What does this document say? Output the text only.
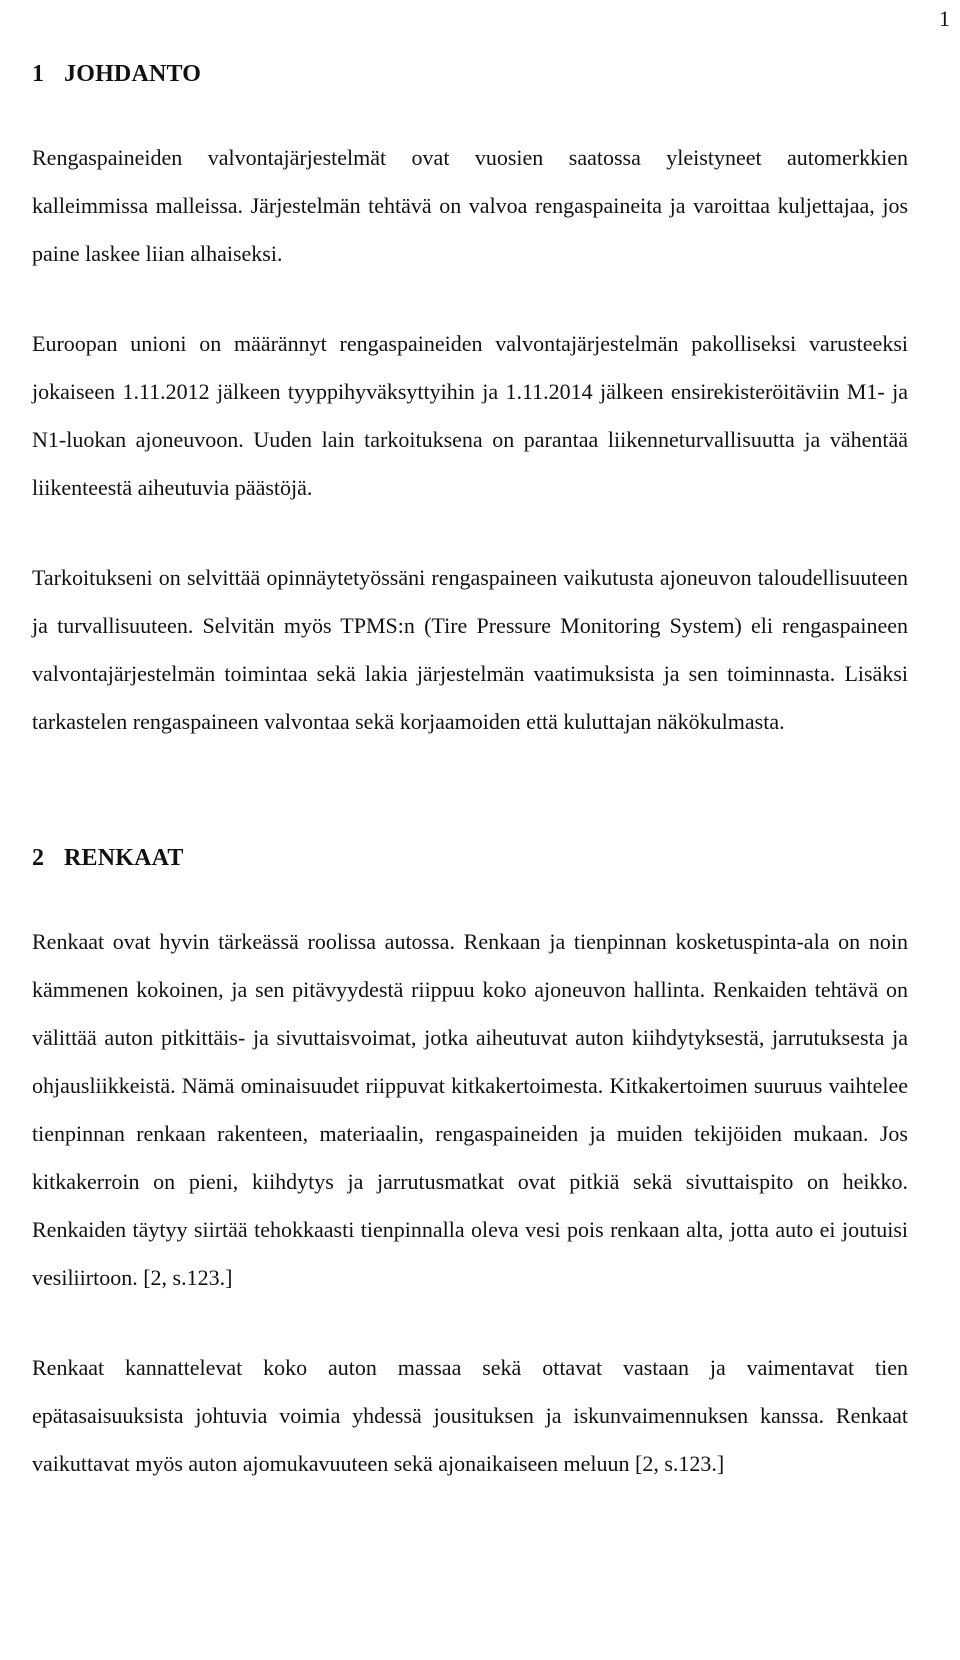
1
1 JOHDANTO

Rengaspaineiden valvontajärjestelmät ovat vuosien saatossa yleistyneet automerkkien kalleimmissa malleissa. Järjestelmän tehtävä on valvoa rengaspaineita ja varoittaa kuljettajaa, jos paine laskee liian alhaiseksi.

Euroopan unioni on määrännyt rengaspaineiden valvontajärjestelmän pakolliseksi varusteeksi jokaiseen 1.11.2012 jälkeen tyyppihyväksyttyihin ja 1.11.2014 jälkeen ensirekisteröitäviin M1- ja N1-luokan ajoneuvoon. Uuden lain tarkoituksena on parantaa liikenneturvallisuutta ja vähentää liikenteestä aiheutuvia päästöjä.

Tarkoitukseni on selvittää opinnäytetyössäni rengaspaineen vaikutusta ajoneuvon taloudellisuuteen ja turvallisuuteen. Selvitän myös TPMS:n (Tire Pressure Monitoring System) eli rengaspaineen valvontajärjestelmän toimintaa sekä lakia järjestelmän vaatimuksista ja sen toiminnasta. Lisäksi tarkastelen rengaspaineen valvontaa sekä korjaamoiden että kuluttajan näkökulmasta.

2 RENKAAT

Renkaat ovat hyvin tärkeässä roolissa autossa. Renkaan ja tienpinnan kosketuspinta-ala on noin kämmenen kokoinen, ja sen pitävyydestä riippuu koko ajoneuvon hallinta. Renkaiden tehtävä on välittää auton pitkittäis- ja sivuttaisvoimat, jotka aiheutuvat auton kiihdytyksestä, jarrutuksesta ja ohjausliikkeistä. Nämä ominaisuudet riippuvat kitkakertoimesta. Kitkakertoimen suuruus vaihtelee tienpinnan renkaan rakenteen, materiaalin, rengaspaineiden ja muiden tekijöiden mukaan. Jos kitkakerroin on pieni, kiihdytys ja jarrutusmatkat ovat pitkiä sekä sivuttaispito on heikko. Renkaiden täytyy siirtää tehokkaasti tienpinnalla oleva vesi pois renkaan alta, jotta auto ei joutuisi vesiliirtoon. [2, s.123.]

Renkaat kannattelevat koko auton massaa sekä ottavat vastaan ja vaimentavat tien epätasaisuuksista johtuvia voimia yhdessä jousituksen ja iskunvaimennuksen kanssa. Renkaat vaikuttavat myös auton ajomukavuuteen sekä ajonaikaiseen meluun [2, s.123.]
